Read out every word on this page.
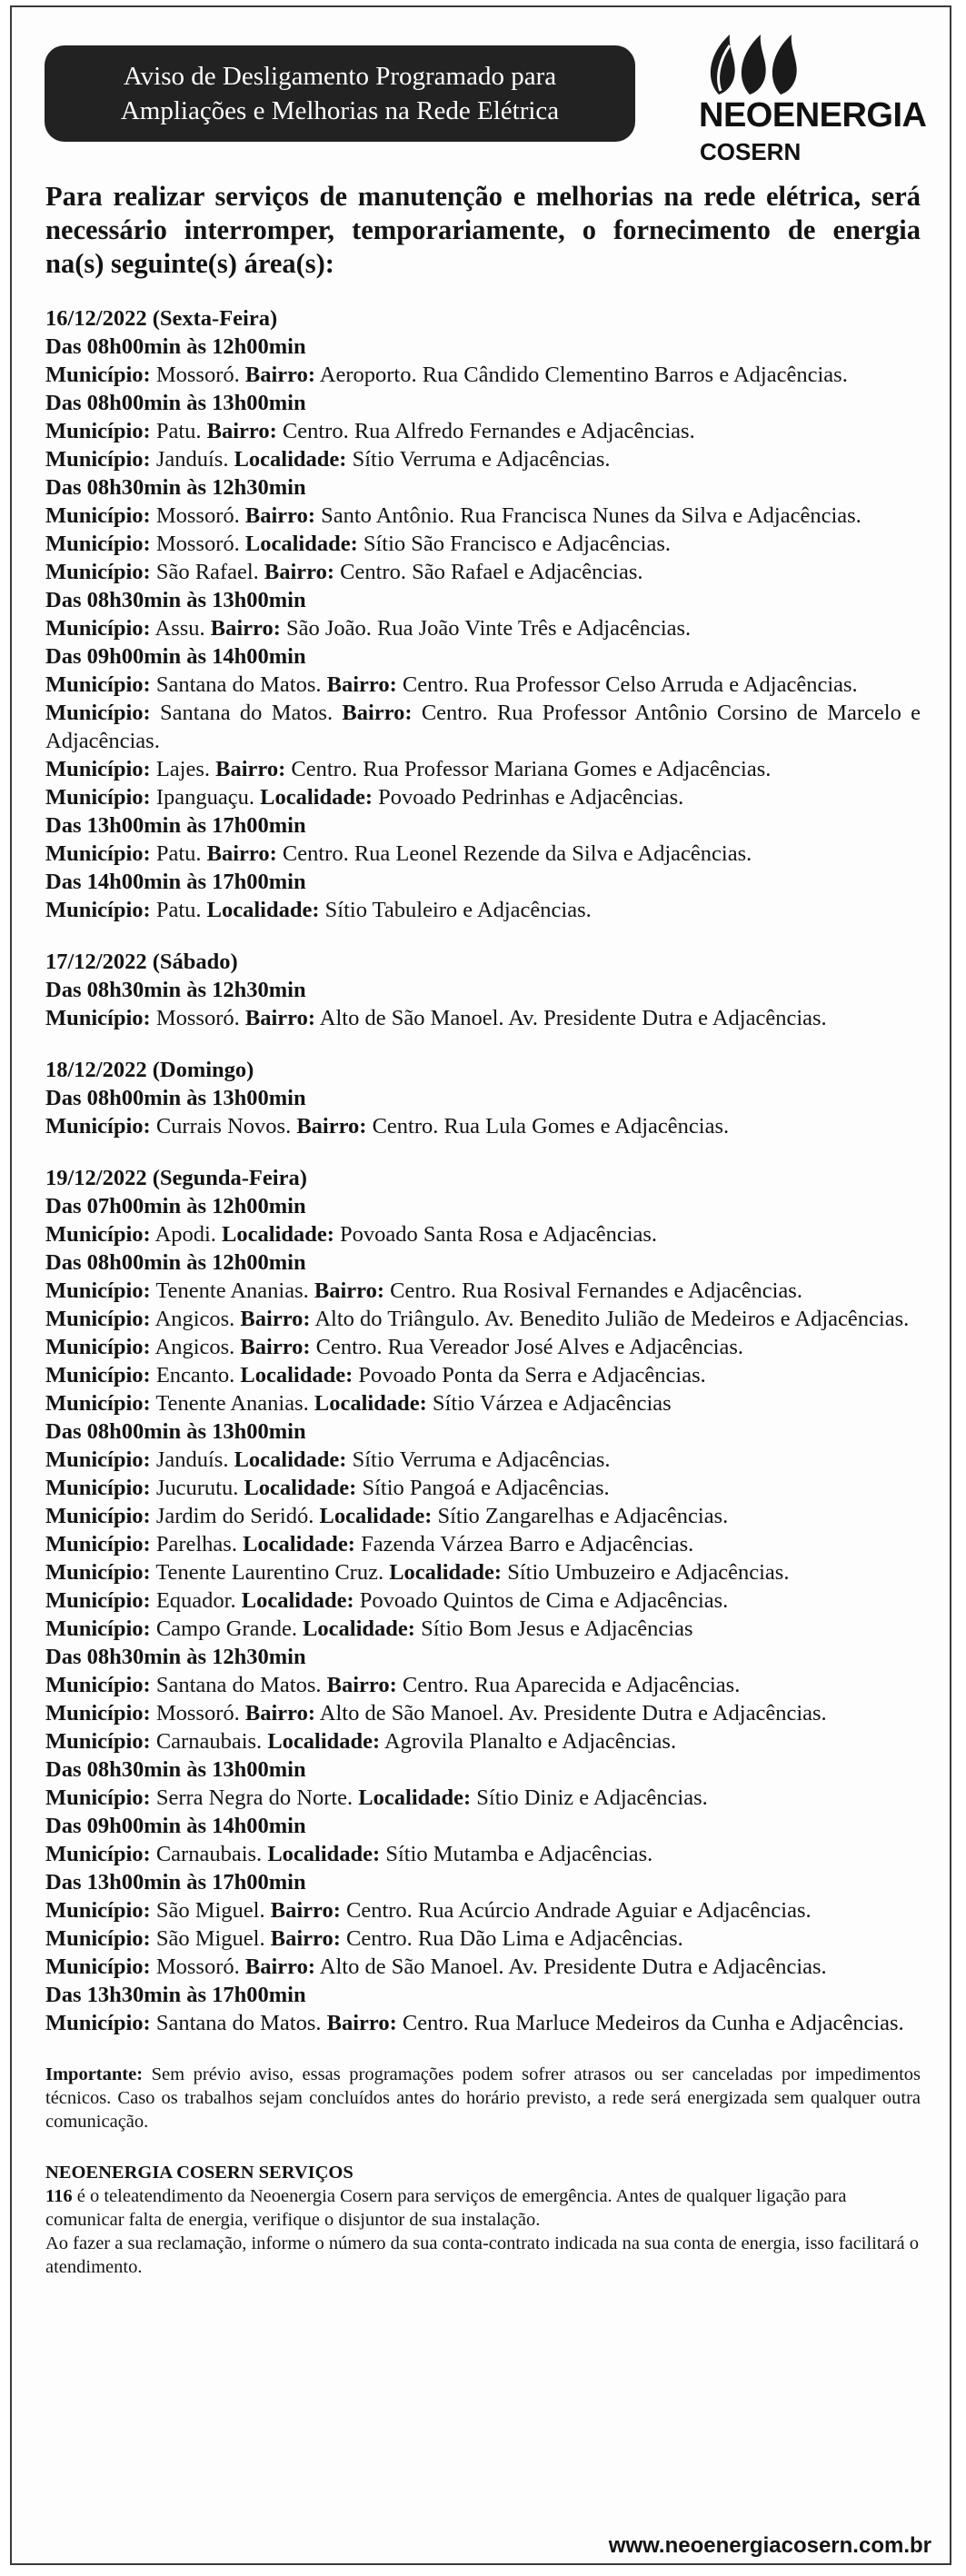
Aviso de Desligamento Programado para
Ampliações e Melhorias na Rede Elétrica	NEOENERGIA
COSERN

Para realizar serviços de manutenção e melhorias na rede elétrica, será necessário interromper, temporariamente, o fornecimento de energia na(s) seguinte(s) área(s):

16/12/2022 (Sexta-Feira)

Das 08h00min às 12h00min

Município: Mossoró. Bairro: Aeroporto. Rua Cândido Clementino Barros e Adjacências.

Das 08h00min às 13h00min

Município: Patu. Bairro: Centro. Rua Alfredo Fernandes e Adjacências.

Município: Janduís. Localidade: Sítio Verruma e Adjacências.

Das 08h30min às 12h30min

Município: Mossoró. Bairro: Santo Antônio. Rua Francisca Nunes da Silva e Adjacências.

Município: Mossoró. Localidade: Sítio São Francisco e Adjacências.

Município: São Rafael. Bairro: Centro. São Rafael e Adjacências.

Das 08h30min às 13h00min

Município: Assu. Bairro: São João. Rua João Vinte Três e Adjacências.

Das 09h00min às 14h00min

Município: Santana do Matos. Bairro: Centro. Rua Professor Celso Arruda e Adjacências.

Município: Santana do Matos. Bairro: Centro. Rua Professor Antônio Corsino de Marcelo e Adjacências.

Município: Lajes. Bairro: Centro. Rua Professor Mariana Gomes e Adjacências.

Município: Ipanguaçu. Localidade: Povoado Pedrinhas e Adjacências.

Das 13h00min às 17h00min

Município: Patu. Bairro: Centro. Rua Leonel Rezende da Silva e Adjacências.

Das 14h00min às 17h00min

Município: Patu. Localidade: Sítio Tabuleiro e Adjacências.

17/12/2022 (Sábado)

Das 08h30min às 12h30min

Município: Mossoró. Bairro: Alto de São Manoel. Av. Presidente Dutra e Adjacências.

18/12/2022 (Domingo)

Das 08h00min às 13h00min

Município: Currais Novos. Bairro: Centro. Rua Lula Gomes e Adjacências.

19/12/2022 (Segunda-Feira)

Das 07h00min às 12h00min

Município: Apodi. Localidade: Povoado Santa Rosa e Adjacências.

Das 08h00min às 12h00min

Município: Tenente Ananias. Bairro: Centro. Rua Rosival Fernandes e Adjacências.

Município: Angicos. Bairro: Alto do Triângulo. Av. Benedito Julião de Medeiros e Adjacências.

Município: Angicos. Bairro: Centro. Rua Vereador José Alves e Adjacências.

Município: Encanto. Localidade: Povoado Ponta da Serra e Adjacências.

Município: Tenente Ananias. Localidade: Sítio Várzea e Adjacências

Das 08h00min às 13h00min

Município: Janduís. Localidade: Sítio Verruma e Adjacências.

Município: Jucurutu. Localidade: Sítio Pangoá e Adjacências.

Município: Jardim do Seridó. Localidade: Sítio Zangarelhas e Adjacências.

Município: Parelhas. Localidade: Fazenda Várzea Barro e Adjacências.

Município: Tenente Laurentino Cruz. Localidade: Sítio Umbuzeiro e Adjacências.

Município: Equador. Localidade: Povoado Quintos de Cima e Adjacências.

Município: Campo Grande. Localidade: Sítio Bom Jesus e Adjacências

Das 08h30min às 12h30min

Município: Santana do Matos. Bairro: Centro. Rua Aparecida e Adjacências.

Município: Mossoró. Bairro: Alto de São Manoel. Av. Presidente Dutra e Adjacências.

Município: Carnaubais. Localidade: Agrovila Planalto e Adjacências.

Das 08h30min às 13h00min

Município: Serra Negra do Norte. Localidade: Sítio Diniz e Adjacências.

Das 09h00min às 14h00min

Município: Carnaubais. Localidade: Sítio Mutamba e Adjacências.

Das 13h00min às 17h00min

Município: São Miguel. Bairro: Centro. Rua Acúrcio Andrade Aguiar e Adjacências.

Município: São Miguel. Bairro: Centro. Rua Dão Lima e Adjacências.

Município: Mossoró. Bairro: Alto de São Manoel. Av. Presidente Dutra e Adjacências.

Das 13h30min às 17h00min

Município: Santana do Matos. Bairro: Centro. Rua Marluce Medeiros da Cunha e Adjacências.

Importante: Sem prévio aviso, essas programações podem sofrer atrasos ou ser canceladas por impedimentos técnicos. Caso os trabalhos sejam concluídos antes do horário previsto, a rede será energizada sem qualquer outra comunicação.

NEOENERGIA COSERN SERVIÇOS

116 é o teleatendimento da Neoenergia Cosern para serviços de emergência. Antes de qualquer ligação para comunicar falta de energia, verifique o disjuntor de sua instalação.

Ao fazer a sua reclamação, informe o número da sua conta-contrato indicada na sua conta de energia, isso facilitará o atendimento.

www.neoenergiacosern.com.br
